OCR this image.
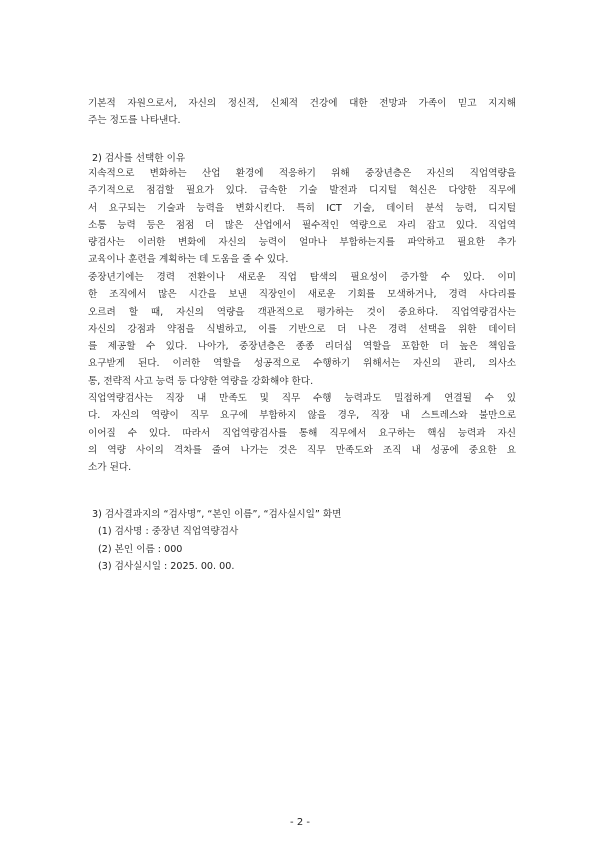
기본적 자원으로서, 자신의 정신적, 신체적 건강에 대한 전망과 가족이 믿고 지지해
주는 정도를 나타낸다.
2) 검사를 선택한 이유
지속적으로 변화하는 산업 환경에 적응하기 위해 중장년층은 자신의 직업역량을
주기적으로 점검할 필요가 있다. 급속한 기술 발전과 디지털 혁신은 다양한 직무에
서 요구되는 기술과 능력을 변화시킨다. 특히 ICT 기술, 데이터 분석 능력, 디지털
소통 능력 등은 점점 더 많은 산업에서 필수적인 역량으로 자리 잡고 있다. 직업역
량검사는 이러한 변화에 자신의 능력이 얼마나 부합하는지를 파악하고 필요한 추가
교육이나 훈련을 계획하는 데 도움을 줄 수 있다.
중장년기에는 경력 전환이나 새로운 직업 탐색의 필요성이 증가할 수 있다. 이미
한 조직에서 많은 시간을 보낸 직장인이 새로운 기회를 모색하거나, 경력 사다리를
오르려 할 때, 자신의 역량을 객관적으로 평가하는 것이 중요하다. 직업역량검사는
자신의 강점과 약점을 식별하고, 이를 기반으로 더 나은 경력 선택을 위한 데이터
를 제공할 수 있다. 나아가, 중장년층은 종종 리더십 역할을 포함한 더 높은 책임을
요구받게 된다. 이러한 역할을 성공적으로 수행하기 위해서는 자신의 관리, 의사소
통, 전략적 사고 능력 등 다양한 역량을 강화해야 한다.
직업역량검사는 직장 내 만족도 및 직무 수행 능력과도 밀접하게 연결될 수 있
다. 자신의 역량이 직무 요구에 부합하지 않을 경우, 직장 내 스트레스와 불만으로
이어질 수 있다. 따라서 직업역량검사를 통해 직무에서 요구하는 핵심 능력과 자신
의 역량 사이의 격차를 줄여 나가는 것은 직무 만족도와 조직 내 성공에 중요한 요
소가 된다.
3) 검사결과지의 “검사명”, “본인 이름”, “검사실시일” 화면
(1) 검사명 : 중장년 직업역량검사
(2) 본인 이름 : 000
(3) 검사실시일 : 2025. 00. 00.
- 2 -
